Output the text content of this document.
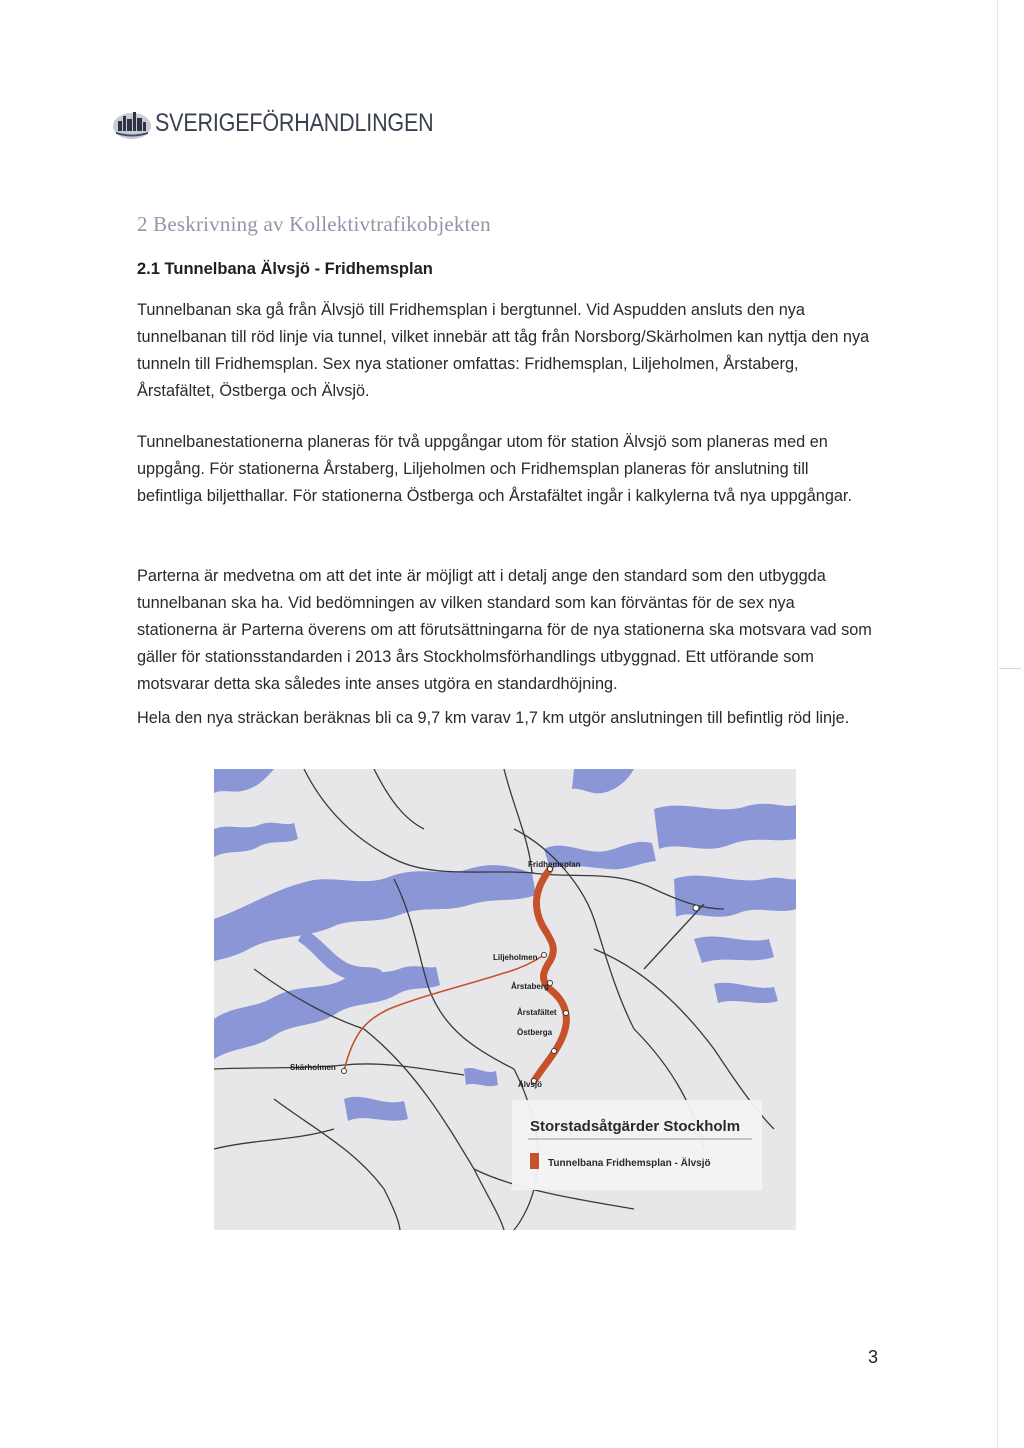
SVERIGEFÖRHANDLINGEN
2 Beskrivning av Kollektivtrafikobjekten
2.1 Tunnelbana Älvsjö - Fridhemsplan

Tunnelbanan ska gå från Älvsjö till Fridhemsplan i bergtunnel. Vid Aspudden ansluts den nya tunnelbanan till röd linje via tunnel, vilket innebär att tåg från Norsborg/Skärholmen kan nyttja den nya tunneln till Fridhemsplan. Sex nya stationer omfattas: Fridhemsplan, Liljeholmen, Årstaberg, Årstafältet, Östberga och Älvsjö.

Tunnelbanestationerna planeras för två uppgångar utom för station Älvsjö som planeras med en uppgång. För stationerna Årstaberg, Liljeholmen och Fridhemsplan planeras för anslutning till befintliga biljetthallar. För stationerna Östberga och Årstafältet ingår i kalkylerna två nya uppgångar.

Parterna är medvetna om att det inte är möjligt att i detalj ange den standard som den utbyggda tunnelbanan ska ha. Vid bedömningen av vilken standard som kan förväntas för de sex nya stationerna är Parterna överens om att förutsättningarna för de nya stationerna ska motsvara vad som gäller för stationsstandarden i 2013 års Stockholmsförhandlings utbyggnad. Ett utförande som motsvarar detta ska således inte anses utgöra en standardhöjning.

Hela den nya sträckan beräknas bli ca 9,7 km varav 1,7 km utgör anslutningen till befintlig röd linje.

Fridhemsplan
Liljeholmen
Årstaberg
Årstafältet
Östberga
Älvsjö
Skärholmen
Storstadsåtgärder Stockholm
Tunnelbana Fridhemsplan - Älvsjö
3
